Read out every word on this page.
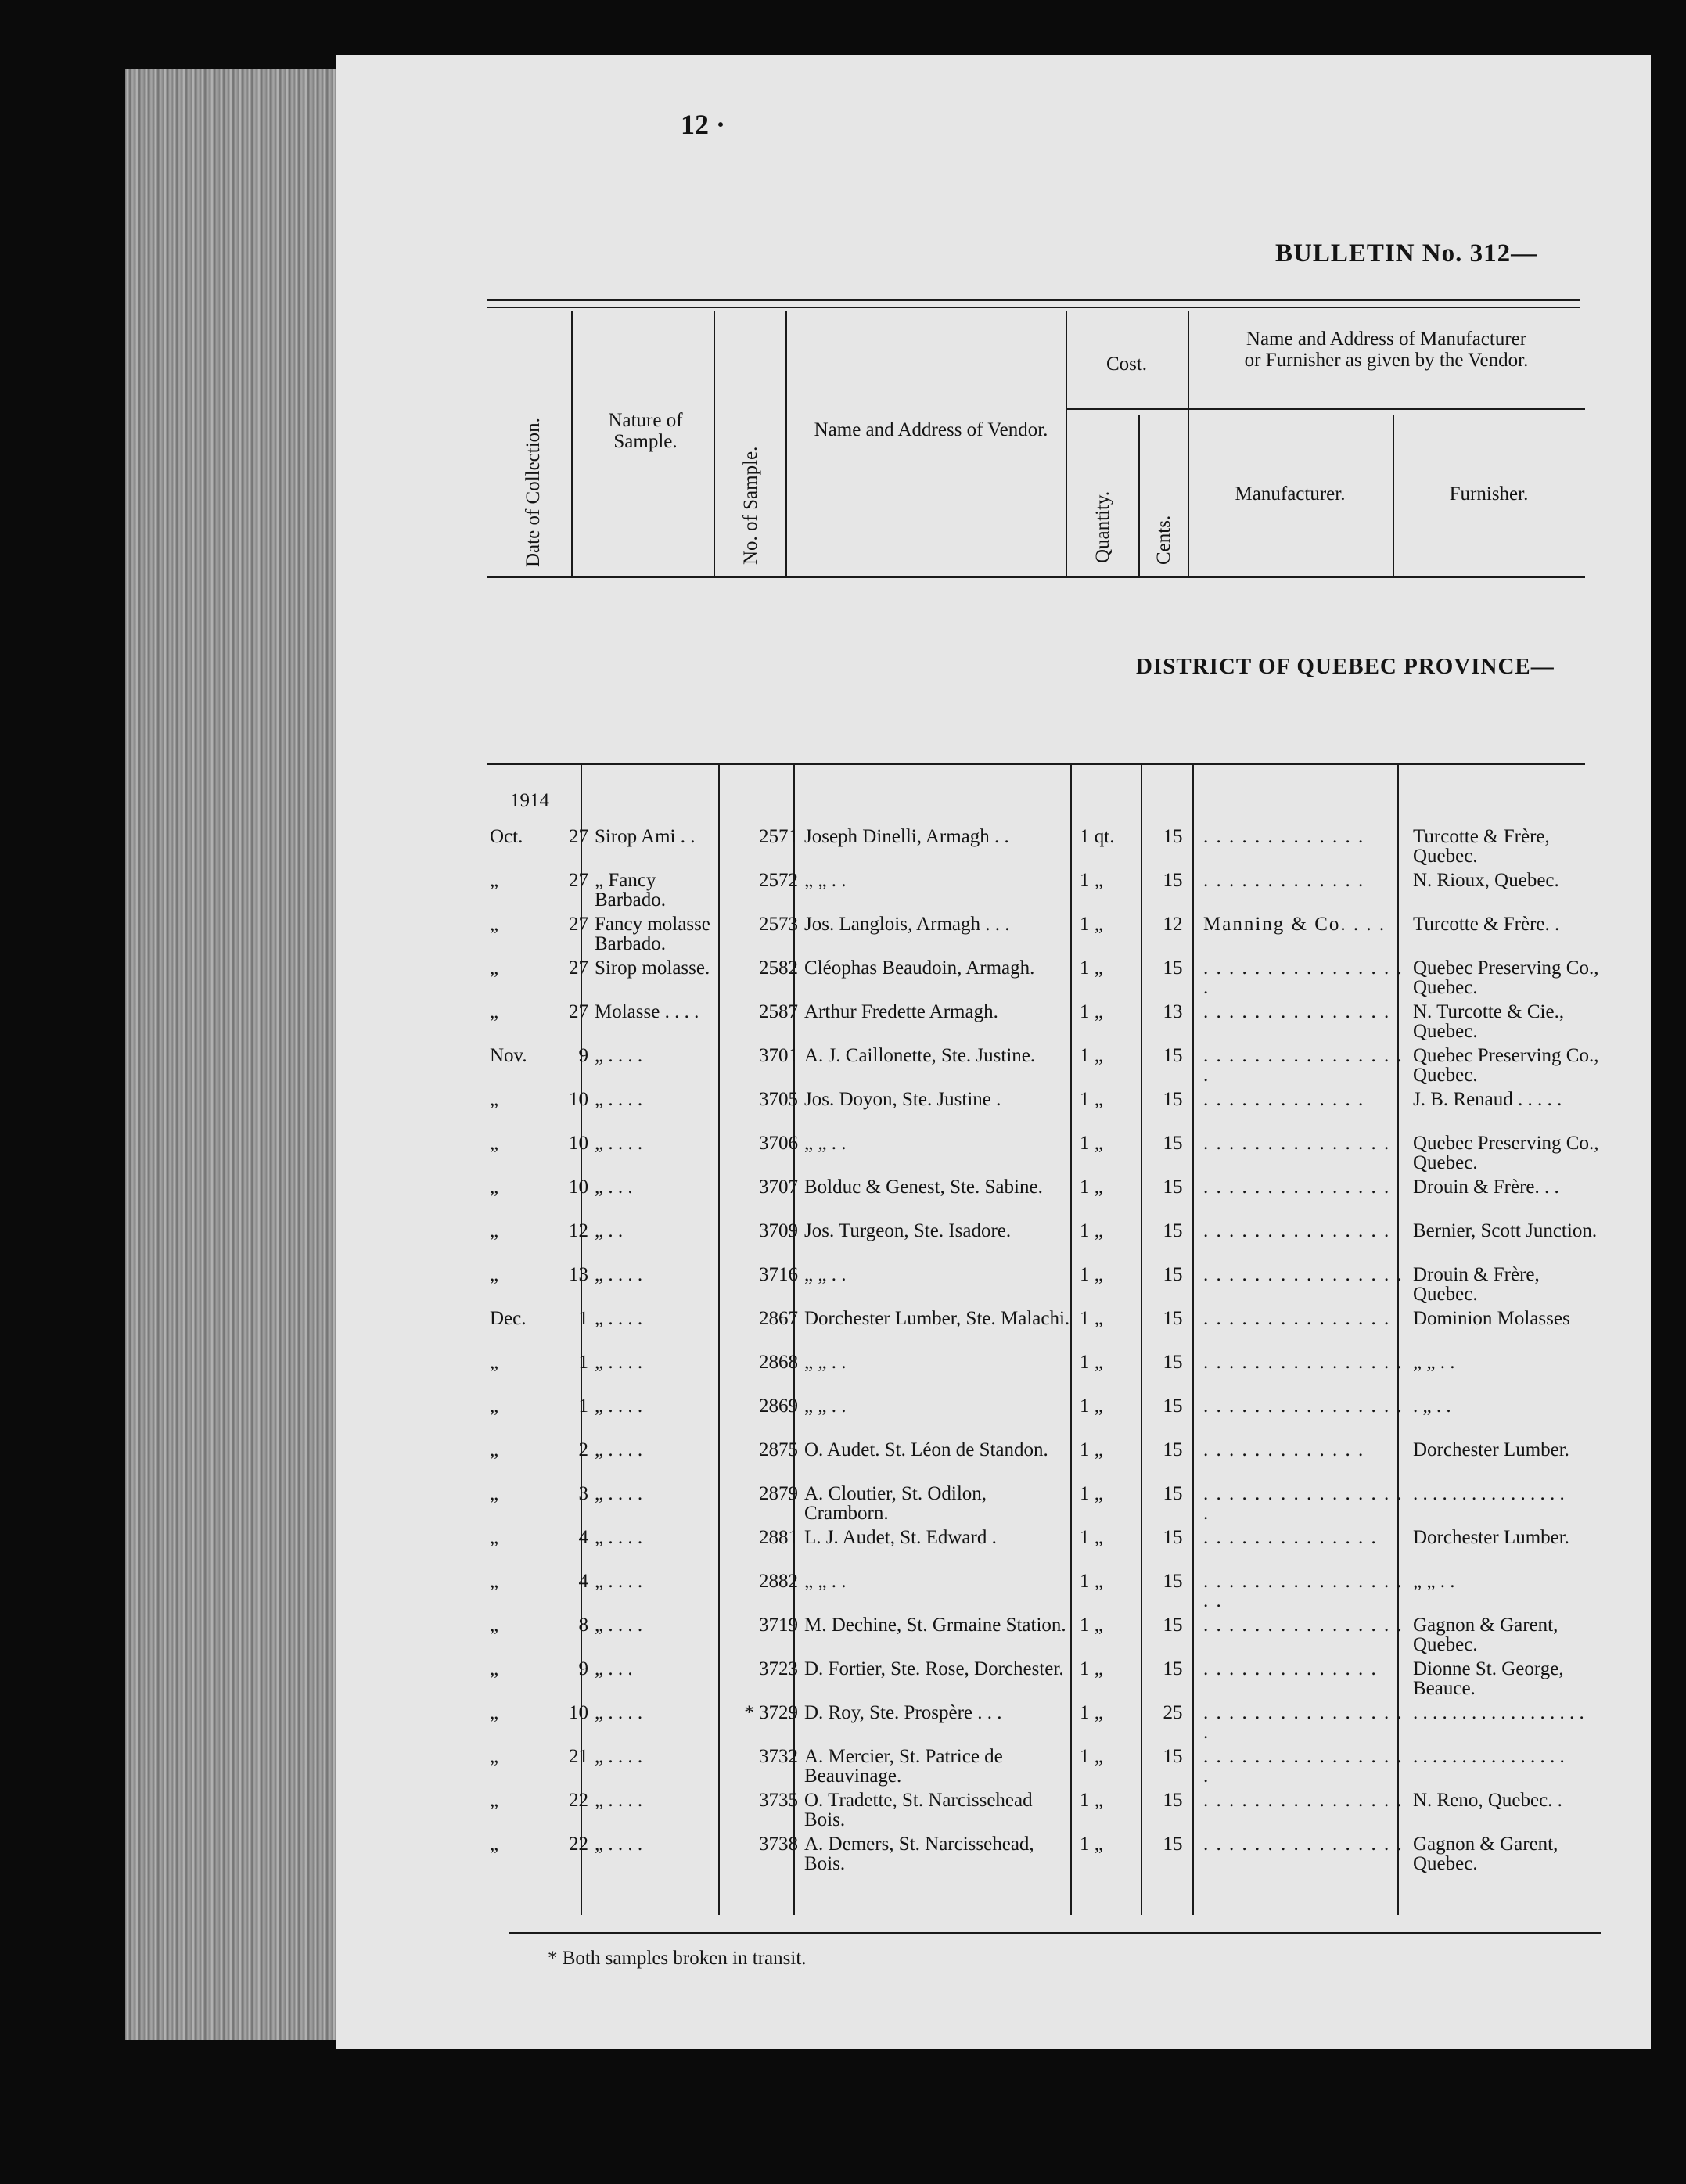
12 ·
BULLETIN No. 312—
Date of Collection.	Nature of Sample.
No. of Sample.
Name and Address of Vendor.
Cost.
Quantity. Cents.
Name and Address of Manufacturer or Furnisher as given by the Vendor.
Manufacturer.	Furnisher.
DISTRICT OF QUEBEC PROVINCE—
1914
Oct.	27	Sirop Ami . .	2571	Joseph Dinelli, Armagh . .	1 qt.	15	. . . . . . . . . . . . .	Turcotte & Frère, Quebec.
„	27	„ Fancy Barbado.	2572	„ „ . .	1 „	15	. . . . . . . . . . . . .	N. Rioux, Quebec.
„	27	Fancy molasse Barbado.	2573	Jos. Langlois, Armagh . . .	1 „	12	Manning & Co. . . .	Turcotte & Frère. .
„	27	Sirop molasse.	2582	Cléophas Beaudoin, Armagh.	1 „	15	. . . . . . . . . . . . . . . . .	Quebec Preserving Co., Quebec.
„	27	Molasse . . . .	2587	Arthur Fredette Armagh.	1 „	13	. . . . . . . . . . . . . . .	N. Turcotte & Cie., Quebec.
Nov.	9	„ . . . .	3701	A. J. Caillonette, Ste. Justine.	1 „	15	. . . . . . . . . . . . . . . . .	Quebec Preserving Co., Quebec.
„	10	„ . . . .	3705	Jos. Doyon, Ste. Justine .	1 „	15	. . . . . . . . . . . . .	J. B. Renaud . . . . .
„	10	„ . . . .	3706	„ „ . .	1 „	15	. . . . . . . . . . . . . . .	Quebec Preserving Co., Quebec.
„	10	„ . . .	3707	Bolduc & Genest, Ste. Sabine.	1 „	15	. . . . . . . . . . . . . . .	Drouin & Frère. . .
„	12	„ . .	3709	Jos. Turgeon, Ste. Isadore.	1 „	15	. . . . . . . . . . . . . . .	Bernier, Scott Junction.
„	13	„ . . . .	3716	„ „ . .	1 „	15	. . . . . . . . . . . . . . . .	Drouin & Frère, Quebec.
Dec.	1	„ . . . .	2867	Dorchester Lumber, Ste. Malachi.	1 „	15	. . . . . . . . . . . . . . .	Dominion Molasses
„	1	„ . . . .	2868	„ „ . .	1 „	15	. . . . . . . . . . . . . . . .	„ „ . .
„	1	„ . . . .	2869	„ „ . .	1 „	15	. . . . . . . . . . . . . . . .	. „ . .
„	2	„ . . . .	2875	O. Audet. St. Léon de Standon.	1 „	15	. . . . . . . . . . . . .	Dorchester Lumber.
„	3	„ . . . .	2879	A. Cloutier, St. Odilon, Cramborn.	1 „	15	. . . . . . . . . . . . . . . . .	. . . . . . . . . . . . . . . .
„	4	„ . . . .	2881	L. J. Audet, St. Edward .	1 „	15	. . . . . . . . . . . . . .	Dorchester Lumber.
„	4	„ . . . .	2882	„ „ . .	1 „	15	. . . . . . . . . . . . . . . . . .	„ „ . .
„	8	„ . . . .	3719	M. Dechine, St. Grmaine Station.	1 „	15	. . . . . . . . . . . . . . . .	Gagnon & Garent, Quebec.
„	9	„ . . .	3723	D. Fortier, Ste. Rose, Dorchester.	1 „	15	. . . . . . . . . . . . . .	Dionne St. George, Beauce.
„	10	„ . . . .	* 3729	D. Roy, Ste. Prospère . . .	1 „	25	. . . . . . . . . . . . . . . . .	. . . . . . . . . . . . . . . . . .
„	21	„ . . . .	3732	A. Mercier, St. Patrice de Beauvinage.	1 „	15	. . . . . . . . . . . . . . . . .	. . . . . . . . . . . . . . . .
„	22	„ . . . .	3735	O. Tradette, St. Narcissehead Bois.	1 „	15	. . . . . . . . . . . . . . . .	N. Reno, Quebec. .
„	22	„ . . . .	3738	A. Demers, St. Narcissehead, Bois.	1 „	15	. . . . . . . . . . . . . . . .	Gagnon & Garent, Quebec.
* Both samples broken in transit.
